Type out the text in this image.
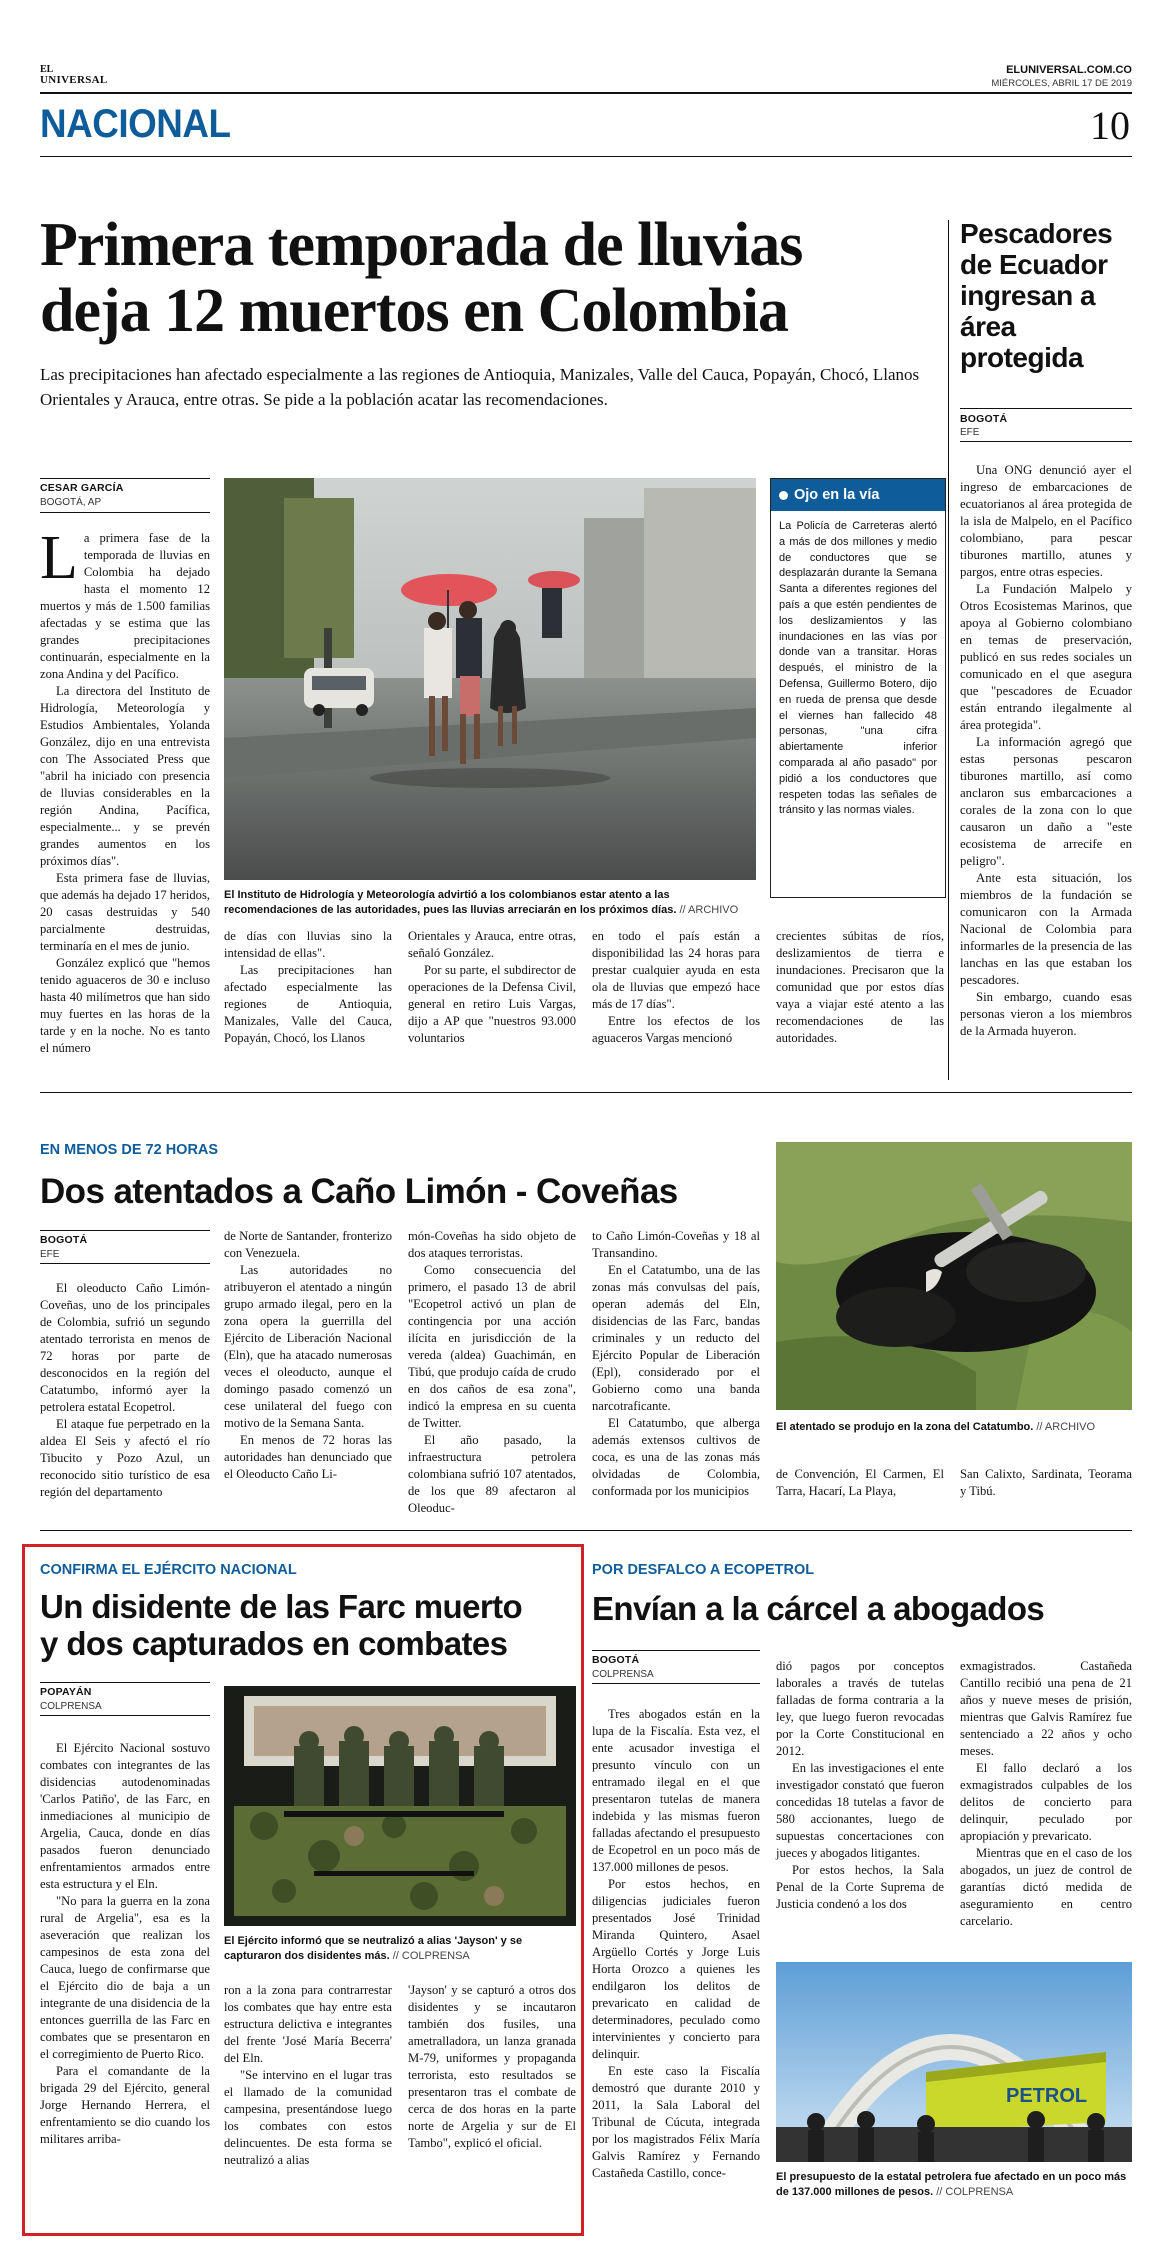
EL
UNIVERSAL
ELUNIVERSAL.COM.CO
MIÉRCOLES, ABRIL 17 DE 2019
NACIONAL	10
Primera temporada de lluvias
deja 12 muertos en Colombia
Las precipitaciones han afectado especialmente a las regiones de Antioquia, Manizales, Valle del Cauca, Popayán, Chocó, Llanos Orientales y Arauca, entre otras. Se pide a la población acatar las recomendaciones.
CESAR GARCÍA
BOGOTÁ, AP

La primera fase de la temporada de lluvias en Colombia ha dejado hasta el momento 12 muertos y más de 1.500 familias afectadas y se estima que las grandes precipitaciones continuarán, especialmente en la zona Andina y del Pacífico.

La directora del Instituto de Hidrología, Meteorología y Estudios Ambientales, Yolanda González, dijo en una entrevista con The Associated Press que "abril ha iniciado con presencia de lluvias considerables en la región Andina, Pacífica, especialmente... y se prevén grandes aumentos en los próximos días".

Esta primera fase de lluvias, que además ha dejado 17 heridos, 20 casas destruidas y 540 parcialmente destruidas, terminaría en el mes de junio.

González explicó que "hemos tenido aguaceros de 30 e incluso hasta 40 milímetros que han sido muy fuertes en las horas de la tarde y en la noche. No es tanto el número

El Instituto de Hidrología y Meteorología advirtió a los colombianos estar atento a las recomendaciones de las autoridades, pues las lluvias arreciarán en los próximos días. // ARCHIVO
Ojo en la vía
La Policía de Carreteras alertó a más de dos millones y medio de conductores que se desplazarán durante la Semana Santa a diferentes regiones del país a que estén pendientes de los deslizamientos y las inundaciones en las vías por donde van a transitar. Horas después, el ministro de la Defensa, Guillermo Botero, dijo en rueda de prensa que desde el viernes han fallecido 48 personas, "una cifra abiertamente inferior comparada al año pasado" por pidió a los conductores que respeten todas las señales de tránsito y las normas viales.

de días con lluvias sino la intensidad de ellas".

Las precipitaciones han afectado especialmente las regiones de Antioquia, Manizales, Valle del Cauca, Popayán, Chocó, los Llanos

Orientales y Arauca, entre otras, señaló González.

Por su parte, el subdirector de operaciones de la Defensa Civil, general en retiro Luis Vargas, dijo a AP que "nuestros 93.000 voluntarios

en todo el país están a disponibilidad las 24 horas para prestar cualquier ayuda en esta ola de lluvias que empezó hace más de 17 días".

Entre los efectos de los aguaceros Vargas mencionó

crecientes súbitas de ríos, deslizamientos de tierra e inundaciones. Precisaron que la comunidad que por estos días vaya a viajar esté atento a las recomendaciones de las autoridades.

Pescadores de Ecuador ingresan a área protegida
BOGOTÁ
EFE

Una ONG denunció ayer el ingreso de embarcaciones de ecuatorianos al área protegida de la isla de Malpelo, en el Pacífico colombiano, para pescar tiburones martillo, atunes y pargos, entre otras especies.

La Fundación Malpelo y Otros Ecosistemas Marinos, que apoya al Gobierno colombiano en temas de preservación, publicó en sus redes sociales un comunicado en el que asegura que "pescadores de Ecuador están entrando ilegalmente al área protegida".

La información agregó que estas personas pescaron tiburones martillo, así como anclaron sus embarcaciones a corales de la zona con lo que causaron un daño a "este ecosistema de arrecife en peligro".

Ante esta situación, los miembros de la fundación se comunicaron con la Armada Nacional de Colombia para informarles de la presencia de las lanchas en las que estaban los pescadores.

Sin embargo, cuando esas personas vieron a los miembros de la Armada huyeron.

EN MENOS DE 72 HORAS
Dos atentados a Caño Limón - Coveñas
BOGOTÁ
EFE

El oleoducto Caño Limón-Coveñas, uno de los principales de Colombia, sufrió un segundo atentado terrorista en menos de 72 horas por parte de desconocidos en la región del Catatumbo, informó ayer la petrolera estatal Ecopetrol.

El ataque fue perpetrado en la aldea El Seis y afectó el río Tibucito y Pozo Azul, un reconocido sitio turístico de esa región del departamento

de Norte de Santander, fronterizo con Venezuela.

Las autoridades no atribuyeron el atentado a ningún grupo armado ilegal, pero en la zona opera la guerrilla del Ejército de Liberación Nacional (Eln), que ha atacado numerosas veces el oleoducto, aunque el domingo pasado comenzó un cese unilateral del fuego con motivo de la Semana Santa.

En menos de 72 horas las autoridades han denunciado que el Oleoducto Caño Li-

món-Coveñas ha sido objeto de dos ataques terroristas.

Como consecuencia del primero, el pasado 13 de abril "Ecopetrol activó un plan de contingencia por una acción ilícita en jurisdicción de la vereda (aldea) Guachimán, en Tibú, que produjo caída de crudo en dos caños de esa zona", indicó la empresa en su cuenta de Twitter.

El año pasado, la infraestructura petrolera colombiana sufrió 107 atentados, de los que 89 afectaron al Oleoduc-

to Caño Limón-Coveñas y 18 al Transandino.

En el Catatumbo, una de las zonas más convulsas del país, operan además del Eln, disidencias de las Farc, bandas criminales y un reducto del Ejército Popular de Liberación (Epl), considerado por el Gobierno como una banda narcotraficante.

El Catatumbo, que alberga además extensos cultivos de coca, es una de las zonas más olvidadas de Colombia, conformada por los municipios

El atentado se produjo en la zona del Catatumbo. // ARCHIVO

de Convención, El Carmen, El Tarra, Hacarí, La Playa,

San Calixto, Sardinata, Teorama y Tibú.

CONFIRMA EL EJÉRCITO NACIONAL
Un disidente de las Farc muerto
y dos capturados en combates
POPAYÁN
COLPRENSA

El Ejército Nacional sostuvo combates con integrantes de las disidencias autodenominadas 'Carlos Patiño', de las Farc, en inmediaciones al municipio de Argelia, Cauca, donde en días pasados fueron denunciado enfrentamientos armados entre esta estructura y el Eln.

"No para la guerra en la zona rural de Argelia", esa es la aseveración que realizan los campesinos de esta zona del Cauca, luego de confirmarse que el Ejército dio de baja a un integrante de una disidencia de la entonces guerrilla de las Farc en combates que se presentaron en el corregimiento de Puerto Rico.

Para el comandante de la brigada 29 del Ejército, general Jorge Hernando Herrera, el enfrentamiento se dio cuando los militares arriba-

El Ejército informó que se neutralizó a alias 'Jayson' y se capturaron dos disidentes más. // COLPRENSA

ron a la zona para contrarrestar los combates que hay entre esta estructura delictiva e integrantes del frente 'José María Becerra' del Eln.

"Se intervino en el lugar tras el llamado de la comunidad campesina, presentándose luego los combates con estos delincuentes. De esta forma se neutralizó a alias

'Jayson' y se capturó a otros dos disidentes y se incautaron también dos fusiles, una ametralladora, un lanza granada M-79, uniformes y propaganda terrorista, esto resultados se presentaron tras el combate de cerca de dos horas en la parte norte de Argelia y sur de El Tambo", explicó el oficial.

POR DESFALCO A ECOPETROL
Envían a la cárcel a abogados
BOGOTÁ
COLPRENSA

Tres abogados están en la lupa de la Fiscalía. Esta vez, el ente acusador investiga el presunto vínculo con un entramado ilegal en el que presentaron tutelas de manera indebida y las mismas fueron falladas afectando el presupuesto de Ecopetrol en un poco más de 137.000 millones de pesos.

Por estos hechos, en diligencias judiciales fueron presentados José Trinidad Miranda Quintero, Asael Argüello Cortés y Jorge Luis Horta Orozco a quienes les endilgaron los delitos de prevaricato en calidad de determinadores, peculado como intervinientes y concierto para delinquir.

En este caso la Fiscalía demostró que durante 2010 y 2011, la Sala Laboral del Tribunal de Cúcuta, integrada por los magistrados Félix María Galvis Ramírez y Fernando Castañeda Castillo, conce-

dió pagos por conceptos laborales a través de tutelas falladas de forma contraria a la ley, que luego fueron revocadas por la Corte Constitucional en 2012.

En las investigaciones el ente investigador constató que fueron concedidas 18 tutelas a favor de 580 accionantes, luego de supuestas concertaciones con jueces y abogados litigantes.

Por estos hechos, la Sala Penal de la Corte Suprema de Justicia condenó a los dos

exmagistrados. Castañeda Cantillo recibió una pena de 21 años y nueve meses de prisión, mientras que Galvis Ramírez fue sentenciado a 22 años y ocho meses.

El fallo declaró a los exmagistrados culpables de los delitos de concierto para delinquir, peculado por apropiación y prevaricato.

Mientras que en el caso de los abogados, un juez de control de garantías dictó medida de aseguramiento en centro carcelario.

PETROL
El presupuesto de la estatal petrolera fue afectado en un poco más de 137.000 millones de pesos. // COLPRENSA
